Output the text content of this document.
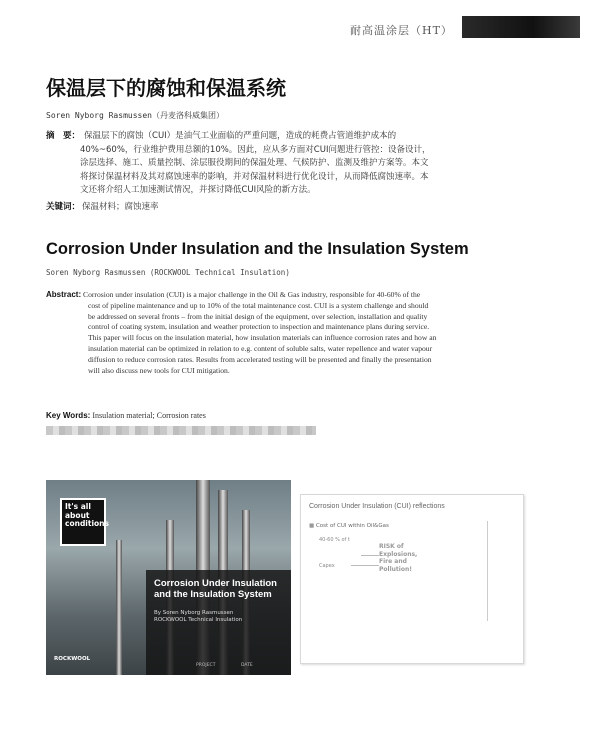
耐高温涂层（HT）
保温层下的腐蚀和保温系统
Soren Nyborg Rasmussen（丹麦洛科威集团）
摘　要： 保温层下的腐蚀（CUI）是油气工业面临的严重问题，造成的耗费占管道维护成本的
40%~60%，行业维护费用总额的10%。因此，应从多方面对CUI问题进行管控：设备设计，
涂层选择、施工、质量控制、涂层服役期间的保温处理、气候防护、监测及维护方案等。本文
将探讨保温材料及其对腐蚀速率的影响，并对保温材料进行优化设计，从而降低腐蚀速率。本
文还将介绍人工加速测试情况，并探讨降低CUI风险的新方法。
关键词： 保温材料；腐蚀速率
Corrosion Under Insulation and the Insulation System
Soren Nyborg Rasmussen (ROCKWOOL Technical Insulation)
Abstract: Corrosion under insulation (CUI) is a major challenge in the Oil & Gas industry, responsible for 40-60% of the
cost of pipeline maintenance and up to 10% of the total maintenance cost. CUI is a system challenge and should
be addressed on several fronts – from the initial design of the equipment, over selection, installation and quality
control of coating system, insulation and weather protection to inspection and maintenance plans during service.
This paper will focus on the insulation material, how insulation materials can influence corrosion rates and how an
insulation material can be optimized in relation to e.g. content of soluble salts, water repellence and water vapour
diffusion to reduce corrosion rates. Results from accelerated testing will be presented and finally the presentation
will also discuss new tools for CUI mitigation.
Key Words: Insulation material; Corrosion rates
It's all about conditions
Corrosion Under Insulation and the Insulation System
By Soren Nyborg Rasmussen
ROCKWOOL Technical Insulation
ROCKWOOL
PROJECT	DATE
Corrosion Under Insulation (CUI) reflections
■ Cost of CUI within Oil&Gas
40-60 % of t
Capex
RISK of
Explosions,
Fire and
Pollution!
